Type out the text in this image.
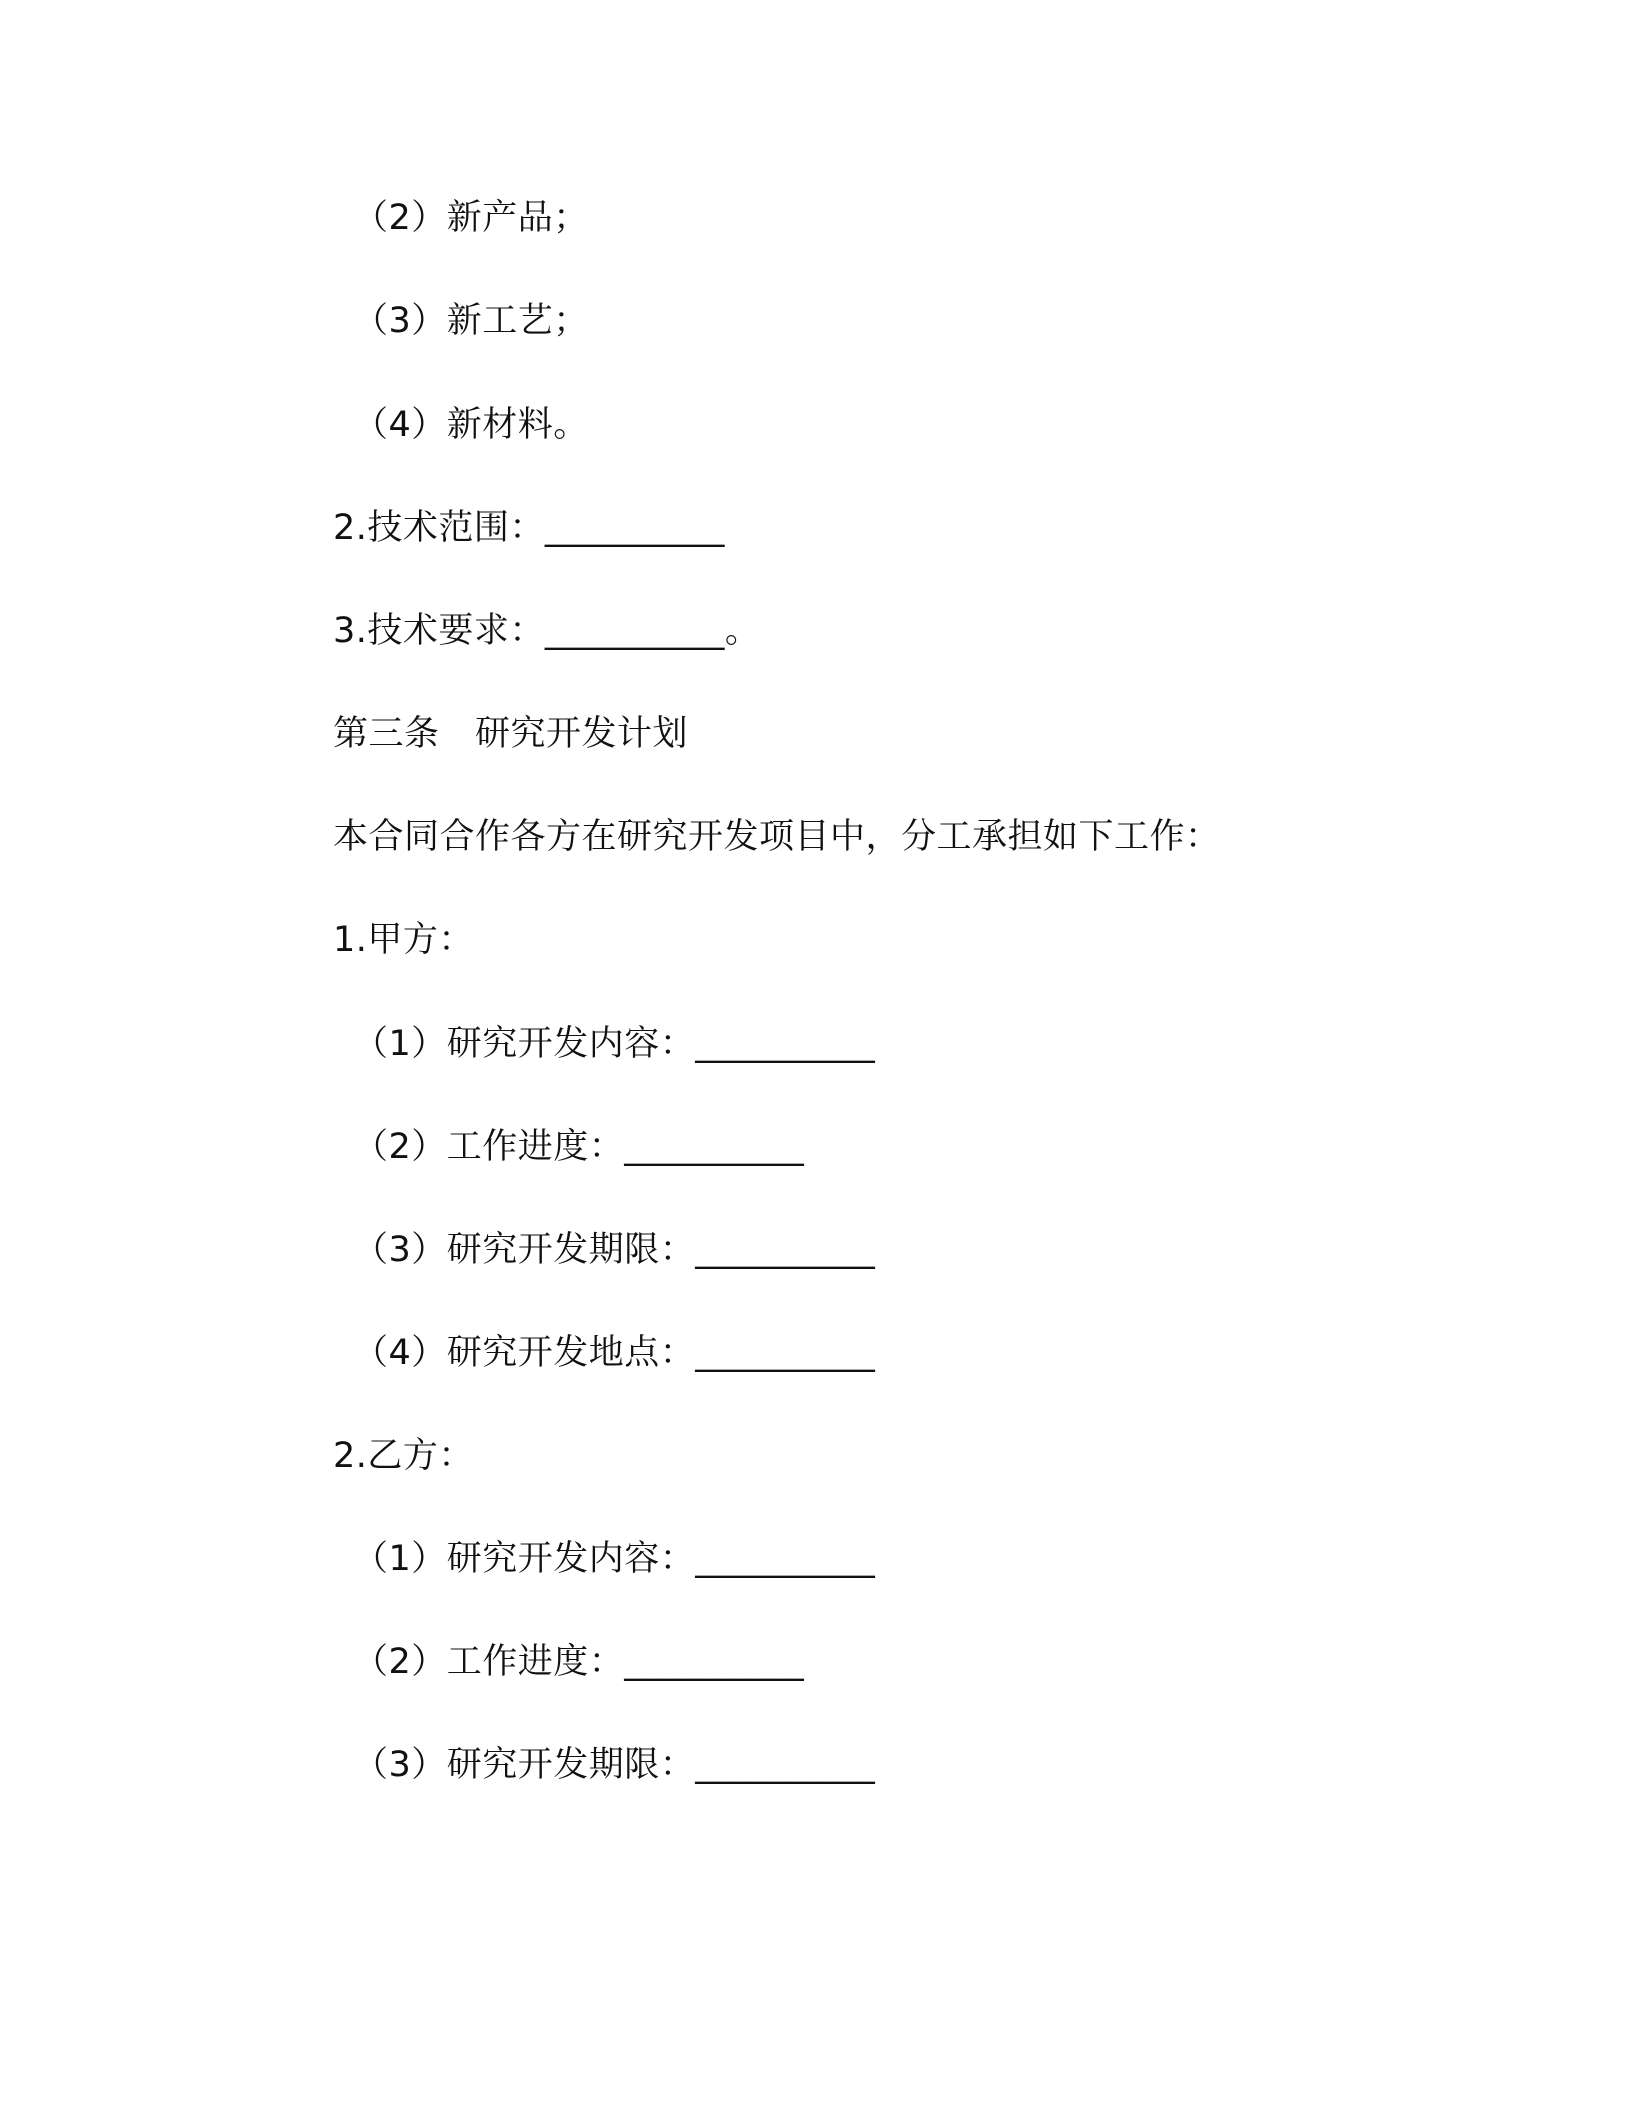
（2）新产品；
（3）新工艺；
（4）新材料。
2.技术范围：__________
3.技术要求：__________。
第三条　研究开发计划
本合同合作各方在研究开发项目中，分工承担如下工作：
1.甲方：
（1）研究开发内容：__________
（2）工作进度：__________
（3）研究开发期限：__________
（4）研究开发地点：__________
2.乙方：
（1）研究开发内容：__________
（2）工作进度：__________
（3）研究开发期限：__________
